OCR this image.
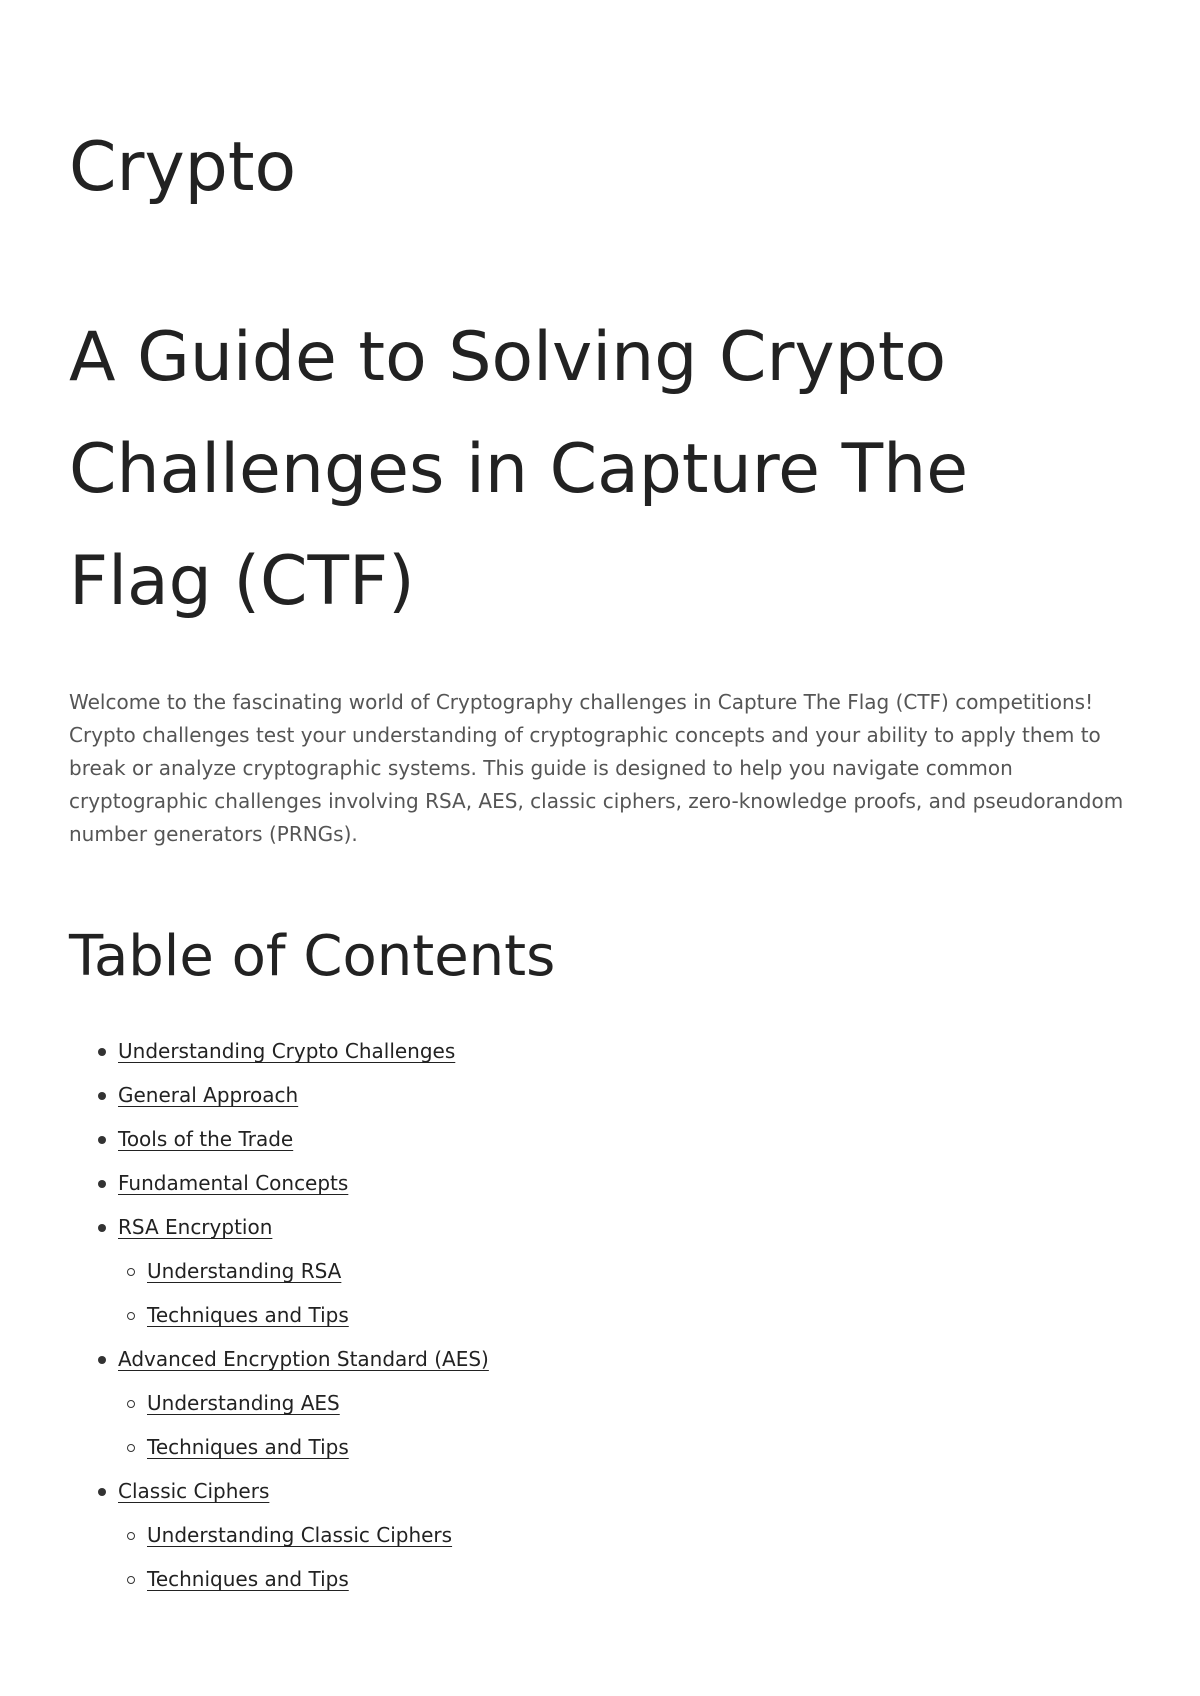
Crypto
A Guide to Solving Crypto Challenges in Capture The Flag (CTF)

Welcome to the fascinating world of Cryptography challenges in Capture The Flag (CTF) competitions! Crypto challenges test your understanding of cryptographic concepts and your ability to apply them to break or analyze cryptographic systems. This guide is designed to help you navigate common cryptographic challenges involving RSA, AES, classic ciphers, zero-knowledge proofs, and pseudorandom number generators (PRNGs).

Table of Contents
Understanding Crypto Challenges
General Approach
Tools of the Trade
Fundamental Concepts
RSA Encryption
Understanding RSA
Techniques and Tips
Advanced Encryption Standard (AES)
Understanding AES
Techniques and Tips
Classic Ciphers
Understanding Classic Ciphers
Techniques and Tips
